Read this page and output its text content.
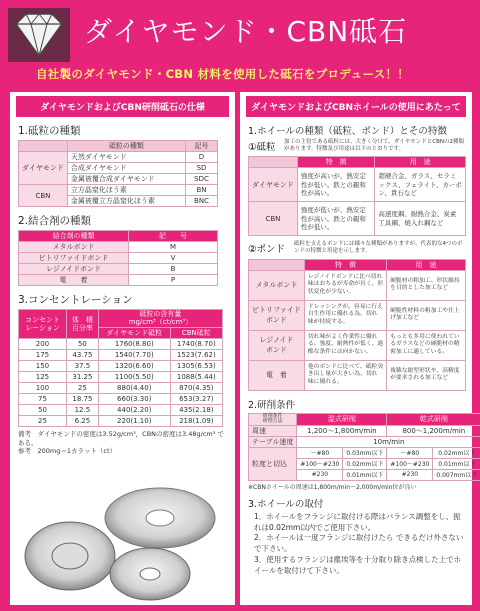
ダイヤモンド・CBN砥石
自社製のダイヤモンド・CBN 材料を使用した砥石をプロデュース！！
ダイヤモンドおよびCBN研削砥石の仕様
1.砥粒の種類
	砥粒の種類	記号
ダイヤモンド	天然ダイヤモンド	D
	合成ダイヤモンド	SD
	金属被覆合成ダイヤモンド	SDC
CBN	立方晶窒化ほう素	BN
	金属被覆立方晶窒化ほう素	BNC
2.結合剤の種類
結合剤の種類	記　　号
メタルボンド	M
ビトリファイドボンド	V
レジノイドボンド	B
電　　着	P
3.コンセントレーション
コンセント
レーション	体　積
百分率	砥粒の含有量
mg/cm³（ct/cm³）	
		ダイヤモンド砥粒	CBN砥粒
200	50	1760(8.80)	1740(8.70)
175	43.75	1540(7.70)	1523(7.62)
150	37.5	1320(6.60)	1305(6.53)
125	31.25	1100(5.50)	1088(5.44)
100	25	880(4.40)	870(4.35)
75	18.75	660(3.30)	653(3.27)
50	12.5	440(2.20)	435(2.18)
25	6.25	220(1.10)	218(1.09)
備考　ダイヤモンドの密度は3.52g/cm³，CBNの密度は3.48g/cm³ である。
参考　200mg＝1カラット（ct）
ダイヤモンドおよびCBNホイールの使用にあたって
1.ホイールの種類（砥粒、ボンド）とその特徴
①砥粒	加工の主役である砥粒には、大きく分けて、ダイヤモンドとCBNの2種類があります。特徴及び用途は以下のとおりです。
	特　徴	用　途
ダイヤモンド	強度が高いが、熱安定性が低い。鉄との親和性が高い。	超硬合金、ガラス、セラミックス、フェライト、カーボン、貴石など
CBN	強度が低いが、熱安定性が高い。鉄との親和性が低い。	高速度鋼、耐熱合金、炭素工具鋼、焼入れ鋼など
②ボンド	砥粒を支えるボンドには様々な種類がありますが、代表的な4つのボンドの特徴と用途を示します。
	特　徴	用　途
メタルボンド	レジノイドボンドに比べ切れ味はおちるが寿命が長く、形状変化が少ない。	硬脆材の粗加工、形状維持を目的とした加工など
ビトリファイド
ボンド	ドレッシングが、容易に行え自生作用に優れる為、切れ味が持続する。	硬脆性材料の粗加工や仕上げ加工など
レジノイド
ボンド	切れ味がよく作業性に優れる。強度、耐熱性が低く、過酷な条件には向かない。	もっとも多用に使われているガラスなどの硬脆材の精密加工に適している。
電　着	他のボンドに比べて、砥粒突き出し量が大きい為、切れ味に優れる。	複雑な総型形状や、高精度が要求される加工など
2.研削条件
研削条件
研削方法	湿式研削		乾式研削	
周速	1,200〜1,800m/min		800〜1,200m/min	
テーブル速度	10m/min			
粒度と切込	〜#80	0.03mm以下	〜#80	0.02mm以下
	#100〜#230	0.02mm以下	#100〜#230	0.01mm以下
	#230	0.01mm以下	#230	0.007mm以下
※CBNホイールの周速は1,800m/min〜2,000m/min位が良い
3.ホイールの取付
1．ホイールをフランジに取付ける際はバランス調整をし、振れは0.02mm以内でご使用下さい。
2．ホイールは一度フランジに取付けたら できるだけ外さないで下さい。
3．使用するフランジは塵埃等を十分取り除き点検した上でホイールを取付けて下さい。
